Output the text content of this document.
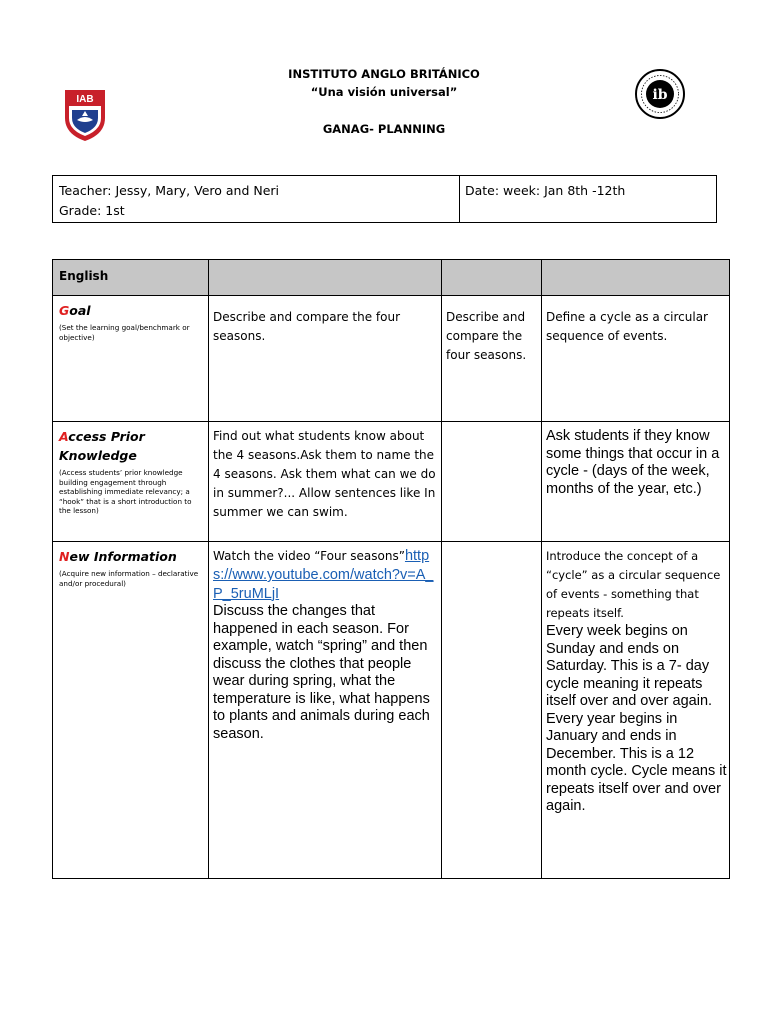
IAB	ib
INSTITUTO ANGLO BRITÁNICO
“Una visión universal”
GANAG- PLANNING
Teacher: Jessy, Mary, Vero and Neri
Grade: 1st
Date: week: Jan 8th -12th
English
Goal
(Set the learning goal/benchmark or objective)
Describe and compare the four seasons.
Describe and compare the four seasons.
Define a cycle as a circular sequence of events.
Access Prior Knowledge
(Access students’ prior knowledge building engagement through establishing immediate relevancy; a “hook” that is a short introduction to the lesson)
Find out what students know about the 4 seasons.Ask them to name the 4 seasons. Ask them what can we do in summer?... Allow sentences like In summer we can swim.
Ask students if they know some things that occur in a cycle - (days of the week, months of the year, etc.)
New Information
(Acquire new information – declarative and/or procedural)
Watch the video “Four seasons”https://www.youtube.com/watch?v=A_P_5ruMLjI
Discuss the changes that happened in each season. For example, watch “spring” and then discuss the clothes that people wear during spring, what the temperature is like, what happens to plants and animals during each season.
Introduce the concept of a “cycle” as a circular sequence of events - something that repeats itself.
Every week begins on Sunday and ends on Saturday. This is a 7- day cycle meaning it repeats itself over and over again. Every year begins in January and ends in December. This is a 12 month cycle. Cycle means it repeats itself over and over again.
